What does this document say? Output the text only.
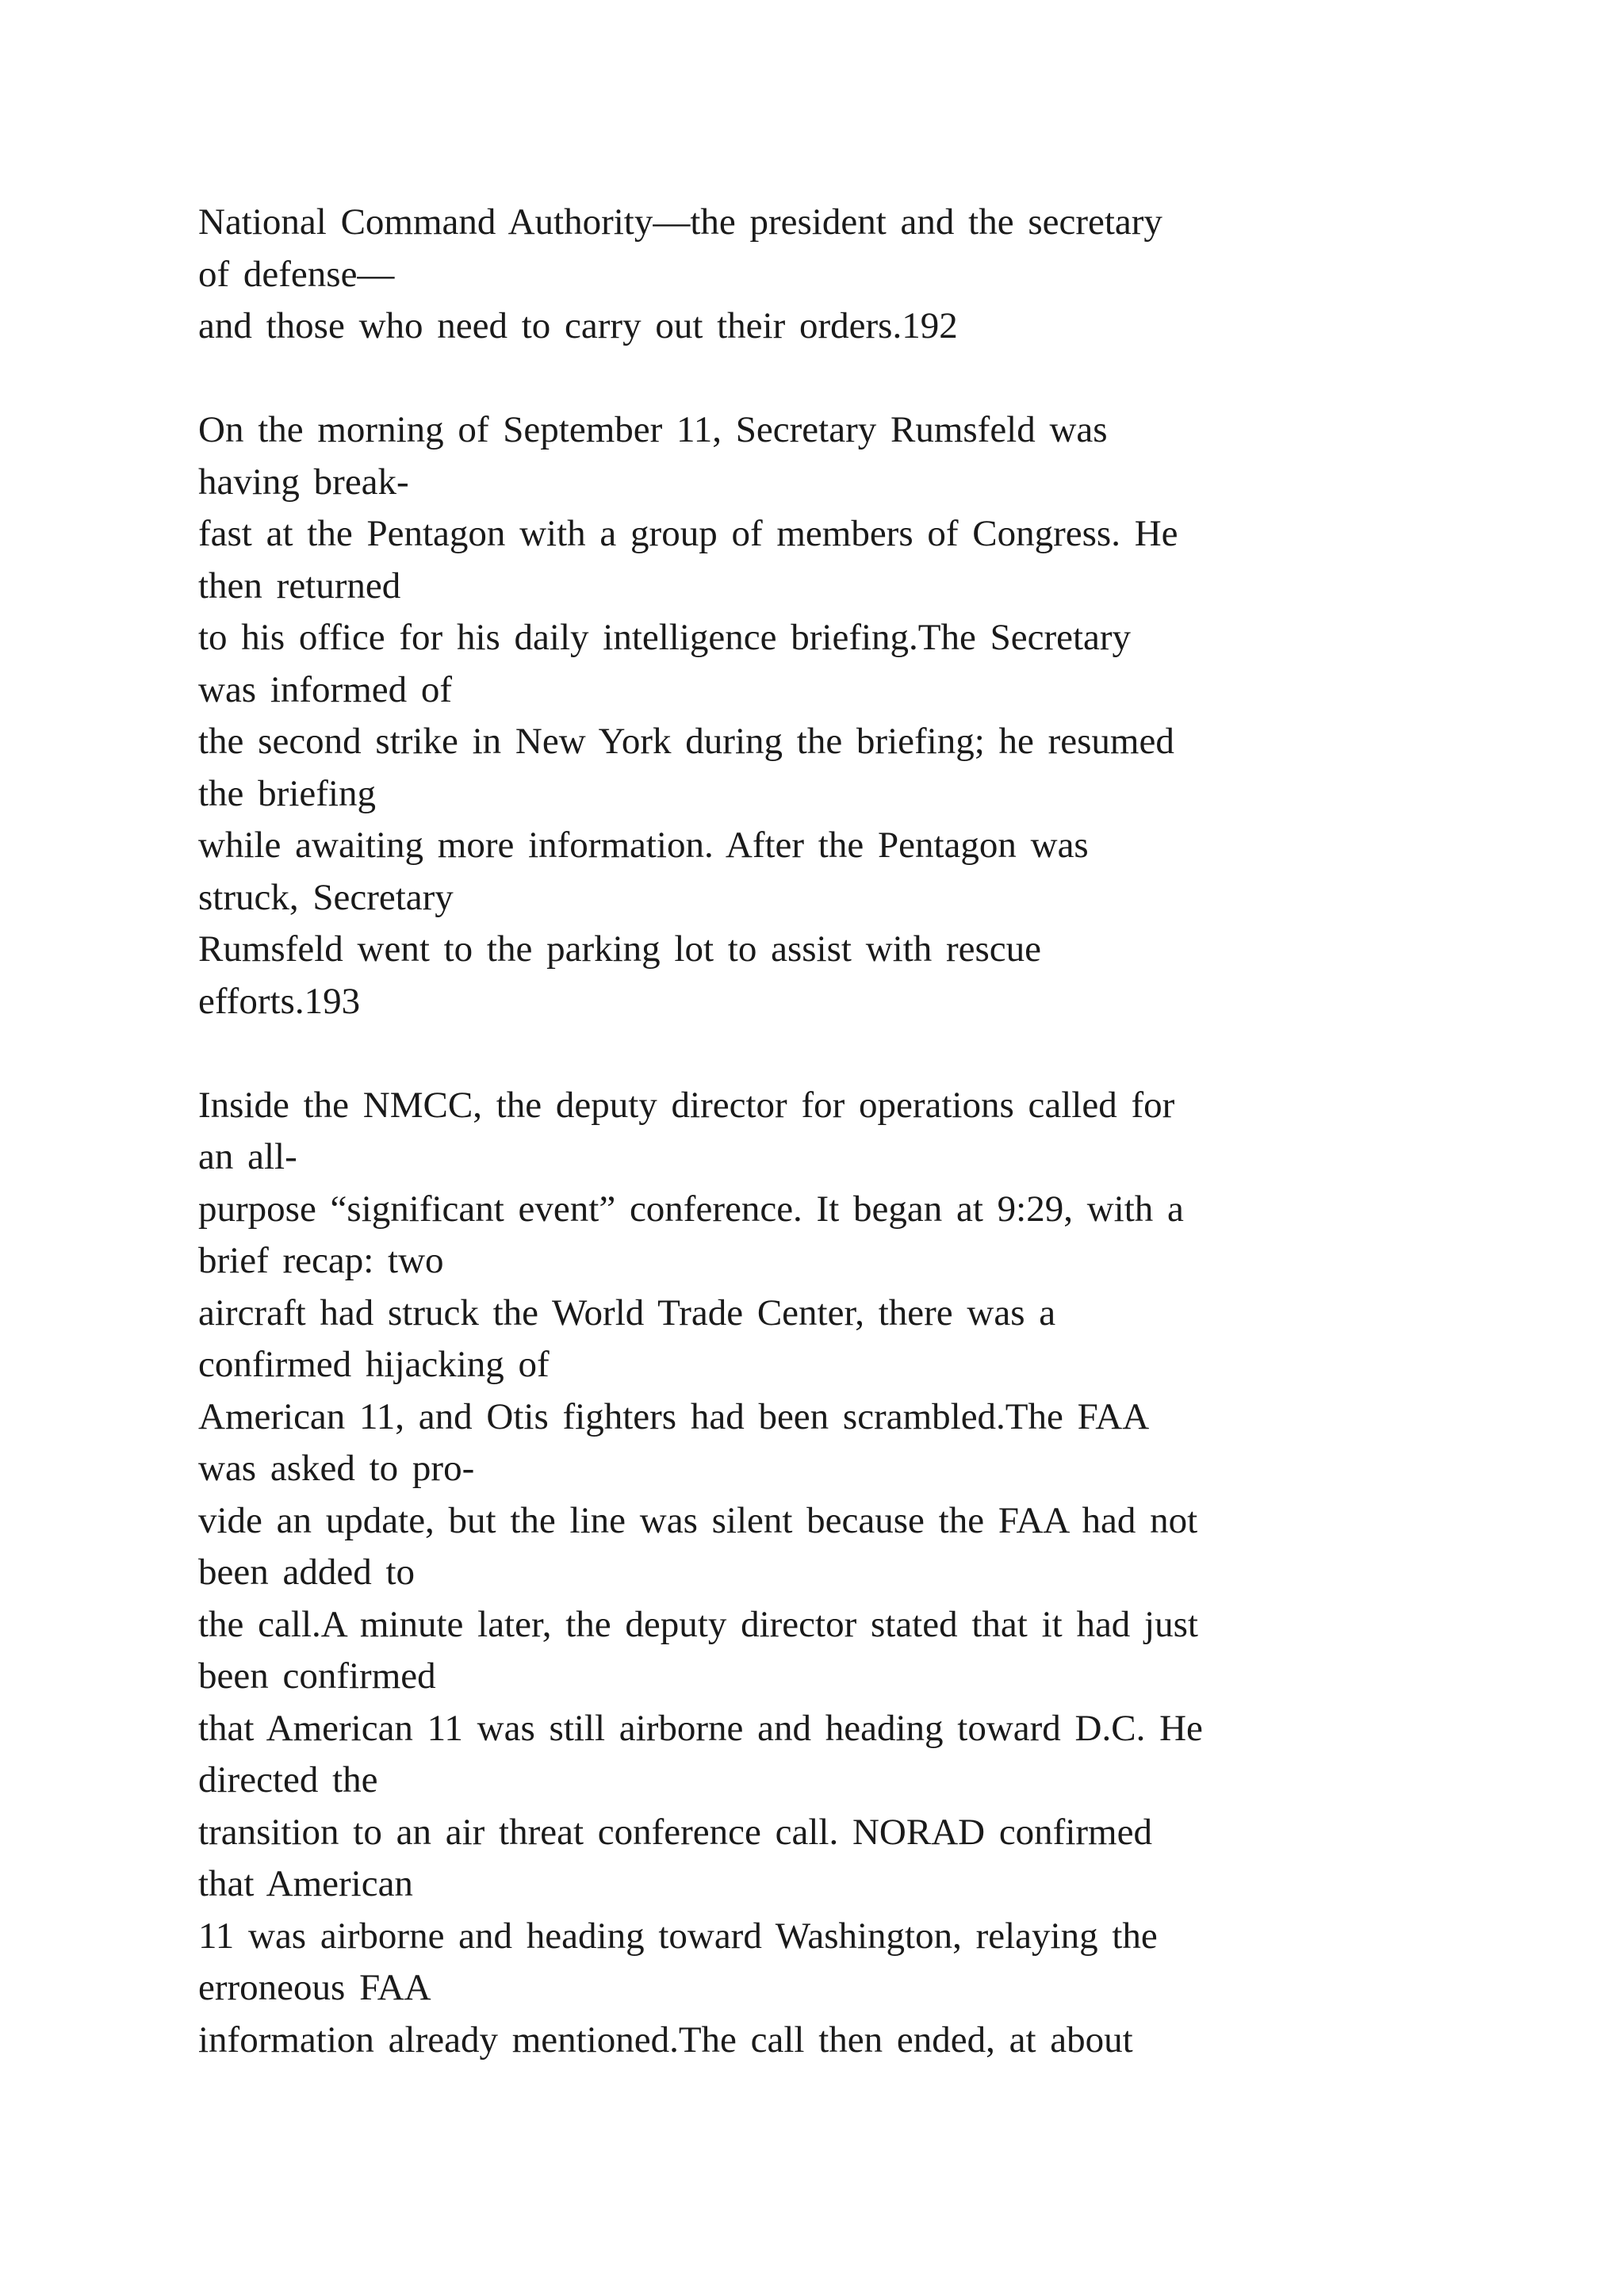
National Command Authority—the president and the secretary
of defense—
and those who need to carry out their orders.192
On the morning of September 11, Secretary Rumsfeld was
having break-
fast at the Pentagon with a group of members of Congress. He
then returned
to his office for his daily intelligence briefing.The Secretary
was informed of
the second strike in New York during the briefing; he resumed
the briefing
while awaiting more information. After the Pentagon was
struck, Secretary
Rumsfeld went to the parking lot to assist with rescue
efforts.193
Inside the NMCC, the deputy director for operations called for
an all-
purpose “significant event” conference. It began at 9:29, with a
brief recap: two
aircraft had struck the World Trade Center, there was a
confirmed hijacking of
American 11, and Otis fighters had been scrambled.The FAA
was asked to pro-
vide an update, but the line was silent because the FAA had not
been added to
the call.A minute later, the deputy director stated that it had just
been confirmed
that American 11 was still airborne and heading toward D.C. He
directed the
transition to an air threat conference call. NORAD confirmed
that American
11 was airborne and heading toward Washington, relaying the
erroneous FAA
information already mentioned.The call then ended, at about
